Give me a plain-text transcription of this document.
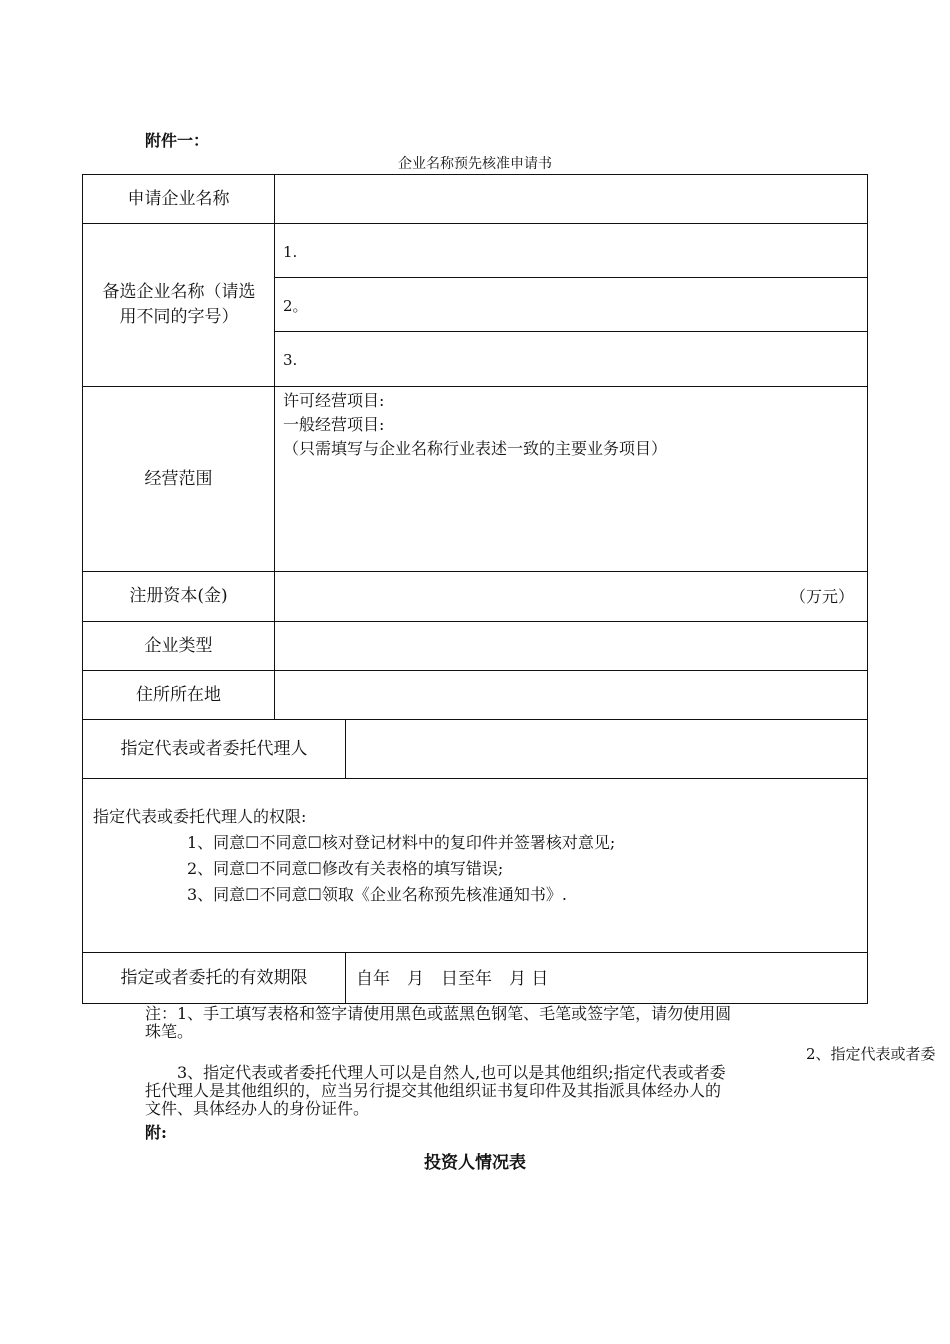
附件一：
企业名称预先核准申请书
申请企业名称
备选企业名称（请选用不同的字号）
1.
2。
3.
经营范围
许可经营项目:
一般经营项目:
（只需填写与企业名称行业表述一致的主要业务项目）
注册资本(金)	（万元）
企业类型
住所所在地
指定代表或者委托代理人
指定代表或委托代理人的权限:
1、同意☐不同意☐核对登记材料中的复印件并签署核对意见;
2、同意☐不同意☐修改有关表格的填写错误;
3、同意☐不同意☐领取《企业名称预先核准通知书》.
指定或者委托的有效期限	自年　月　日至年　月 日
注：1、手工填写表格和签字请使用黑色或蓝黑色钢笔、毛笔或签字笔，请勿使用圆
珠笔。
2、指定代表或者委
3、指定代表或者委托代理人可以是自然人,也可以是其他组织;指定代表或者委
托代理人是其他组织的，应当另行提交其他组织证书复印件及其指派具体经办人的
文件、具体经办人的身份证件。
附:
投资人情况表
